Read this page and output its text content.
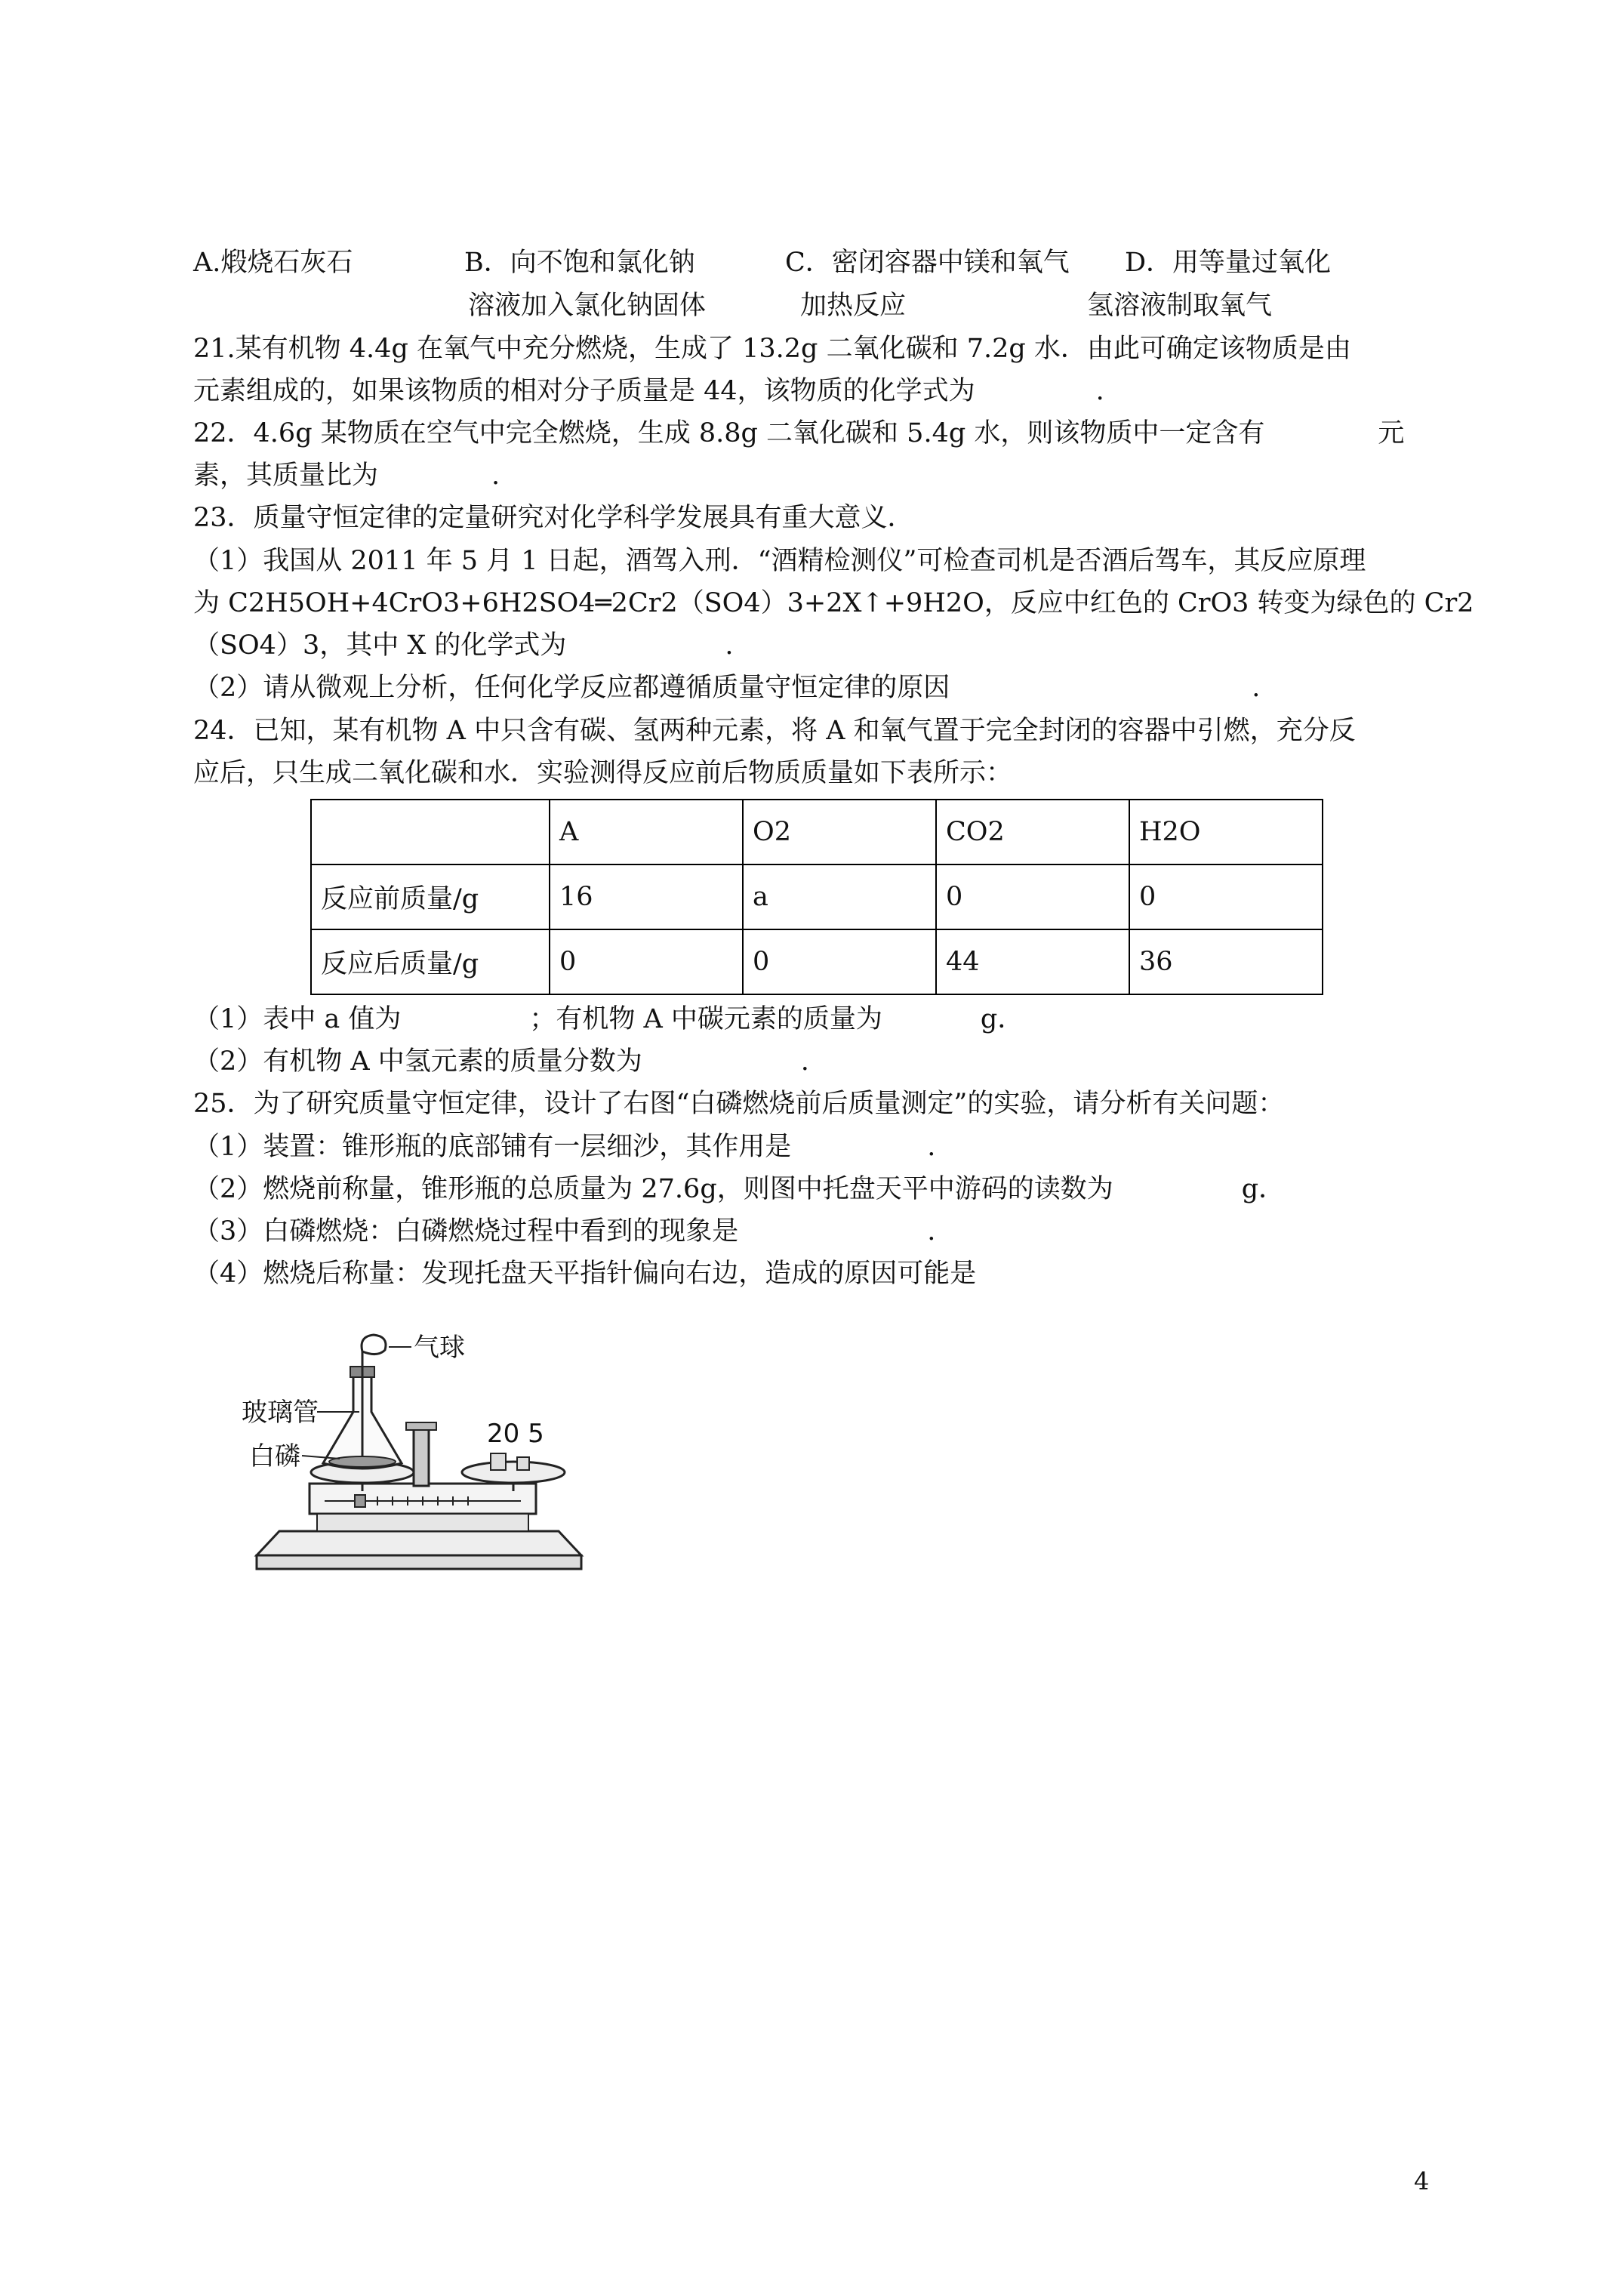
A.煅烧石灰石	B．向不饱和氯化钠
溶液加入氯化钠固体
C．密闭容器中镁和氧气
加热反应
D．用等量过氧化
氢溶液制取氧气
21.某有机物 4.4g 在氧气中充分燃烧，生成了 13.2g 二氧化碳和 7.2g 水．由此可确定该物质是由
元素组成的，如果该物质的相对分子质量是 44，该物质的化学式为	.
22．4.6g 某物质在空气中完全燃烧，生成 8.8g 二氧化碳和 5.4g 水，则该物质中一定含有	元
素，其质量比为	.
23．质量守恒定律的定量研究对化学科学发展具有重大意义．
（1）我国从 2011 年 5 月 1 日起，酒驾入刑．“酒精检测仪”可检查司机是否酒后驾车，其反应原理
为 C2H5OH+4CrO3+6H2SO4═2Cr2（SO4）3+2X↑+9H2O，反应中红色的 CrO3 转变为绿色的 Cr2
（SO4）3，其中 X 的化学式为	.
（2）请从微观上分析，任何化学反应都遵循质量守恒定律的原因	.
24．已知，某有机物 A 中只含有碳、氢两种元素，将 A 和氧气置于完全封闭的容器中引燃，充分反
应后，只生成二氧化碳和水．实验测得反应前后物质质量如下表所示：
	A	O2	CO2	H2O
反应前质量/g	16	a	0	0
反应后质量/g	0	0	44	36
（1）表中 a 值为	；有机物 A 中碳元素的质量为	g．
（2）有机物 A 中氢元素的质量分数为	.
25．为了研究质量守恒定律，设计了右图“白磷燃烧前后质量测定”的实验，请分析有关问题：
（1）装置：锥形瓶的底部铺有一层细沙，其作用是	.
（2）燃烧前称量，锥形瓶的总质量为 27.6g，则图中托盘天平中游码的读数为	g．
（3）白磷燃烧：白磷燃烧过程中看到的现象是	.
（4）燃烧后称量：发现托盘天平指针偏向右边，造成的原因可能是
20 5
气球
玻璃管
白磷
4
